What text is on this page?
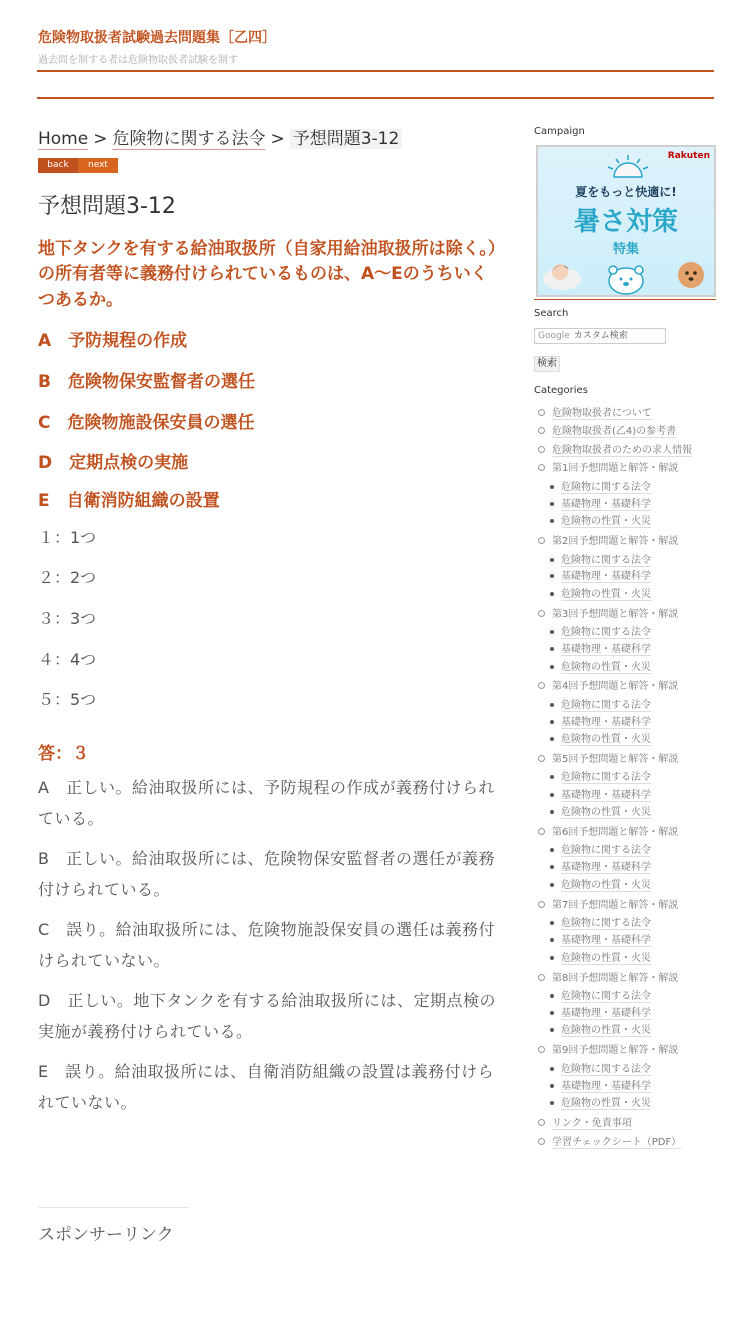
危険物取扱者試験過去問題集［乙四］
過去問を制する者は危険物取扱者試験を制す
Home > 危険物に関する法令 > 予想問題3-12
back	next
予想問題3-12
地下タンクを有する給油取扱所（自家用給油取扱所は除く。）の所有者等に義務付けられているものは、A～Eのうちいくつあるか。
A　予防規程の作成
B　危険物保安監督者の選任
C　危険物施設保安員の選任
D　定期点検の実施
E　自衛消防組織の設置
１：1つ
２：2つ
３：3つ
４：4つ
５：5つ
答：３
A　正しい。給油取扱所には、予防規程の作成が義務付けられている。
B　正しい。給油取扱所には、危険物保安監督者の選任が義務付けられている。
C　誤り。給油取扱所には、危険物施設保安員の選任は義務付けられていない。
D　正しい。地下タンクを有する給油取扱所には、定期点検の実施が義務付けられている。
E　誤り。給油取扱所には、自衛消防組織の設置は義務付けられていない。
スポンサーリンク
Campaign
Rakuten
夏をもっと快適に!
暑さ対策
特集
Search
Google カスタム検索
検索
Categories
危険物取扱者について
危険物取扱者(乙4)の参考書
危険物取扱者のための求人情報
第1回予想問題と解答・解説
危険物に関する法令
基礎物理・基礎科学
危険物の性質・火災
第2回予想問題と解答・解説
危険物に関する法令
基礎物理・基礎科学
危険物の性質・火災
第3回予想問題と解答・解説
危険物に関する法令
基礎物理・基礎科学
危険物の性質・火災
第4回予想問題と解答・解説
危険物に関する法令
基礎物理・基礎科学
危険物の性質・火災
第5回予想問題と解答・解説
危険物に関する法令
基礎物理・基礎科学
危険物の性質・火災
第6回予想問題と解答・解説
危険物に関する法令
基礎物理・基礎科学
危険物の性質・火災
第7回予想問題と解答・解説
危険物に関する法令
基礎物理・基礎科学
危険物の性質・火災
第8回予想問題と解答・解説
危険物に関する法令
基礎物理・基礎科学
危険物の性質・火災
第9回予想問題と解答・解説
危険物に関する法令
基礎物理・基礎科学
危険物の性質・火災
リンク・免責事項
学習チェックシート（PDF）
